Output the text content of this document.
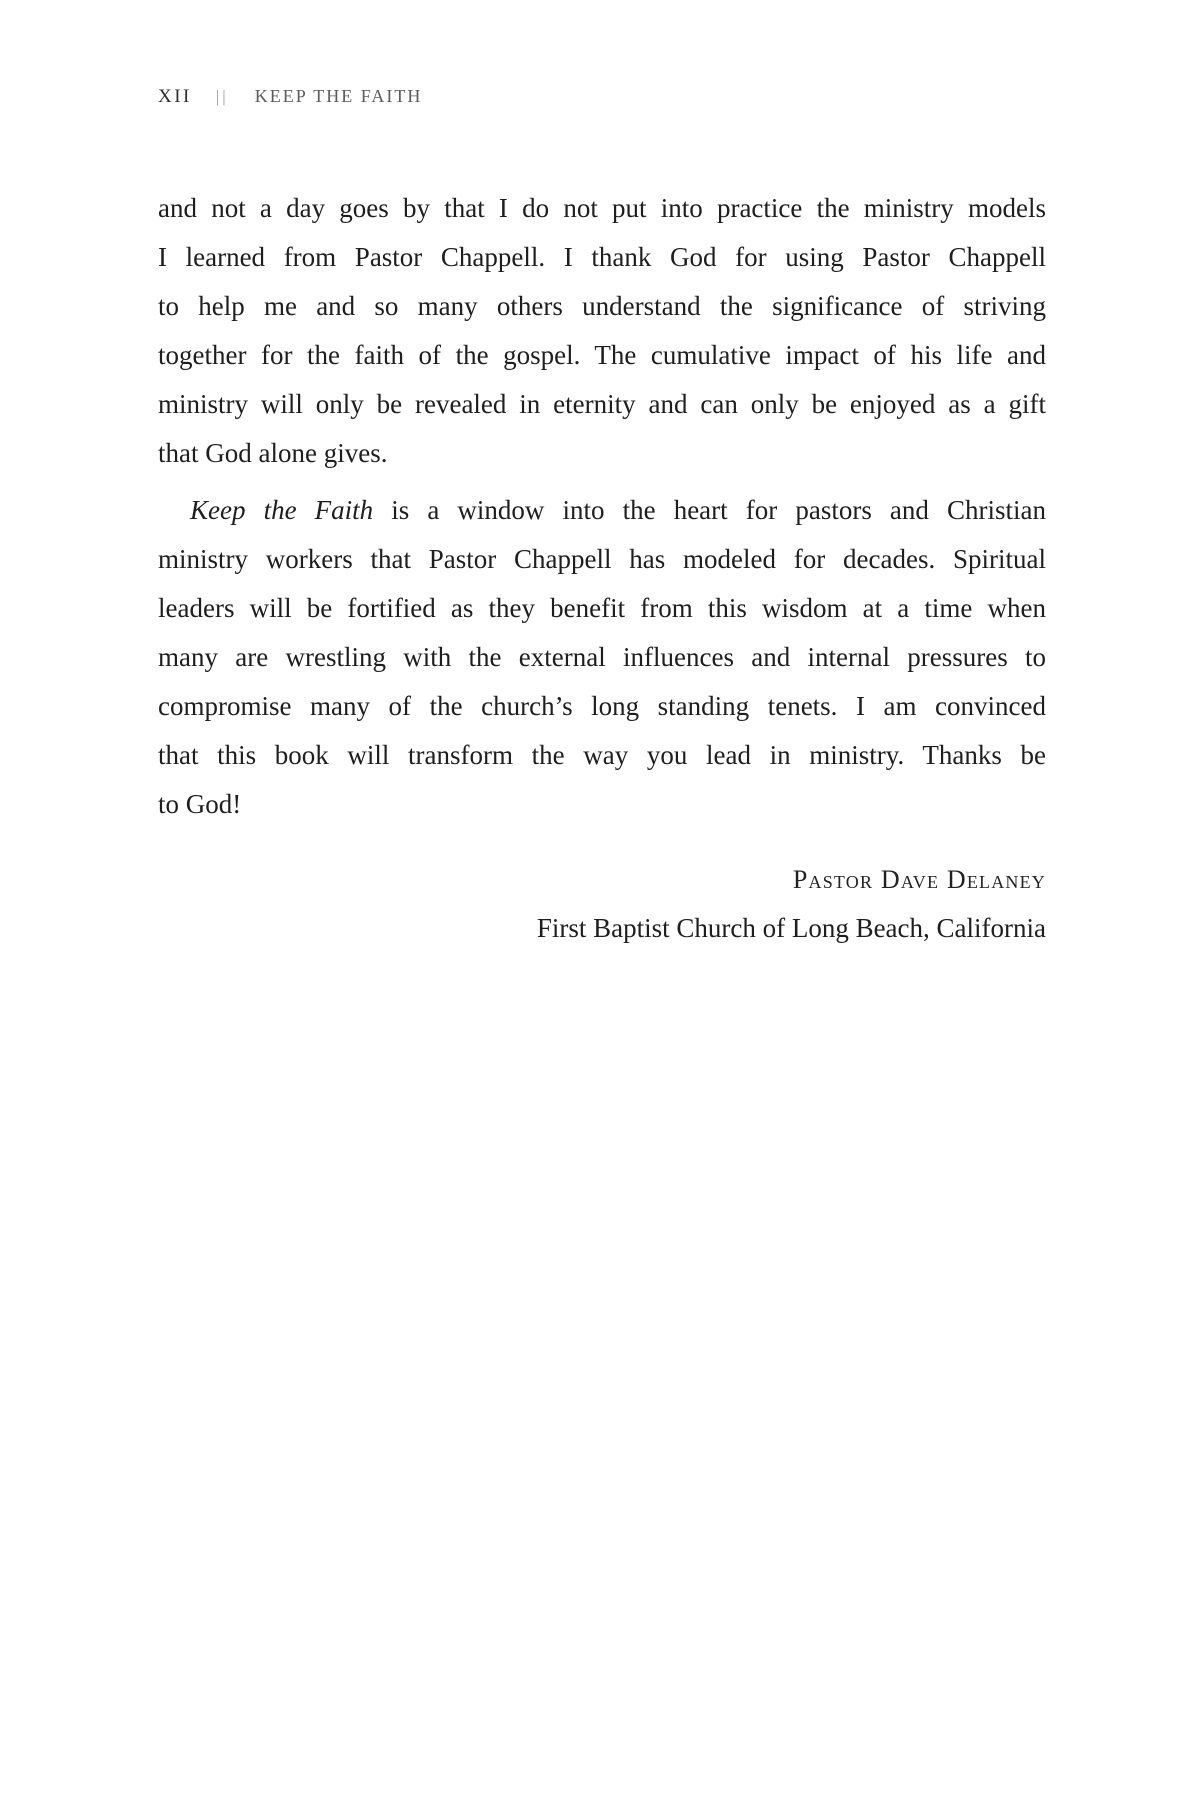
XII || KEEP THE FAITH
and not a day goes by that I do not put into practice the ministry models
I learned from Pastor Chappell. I thank God for using Pastor Chappell
to help me and so many others understand the significance of striving
together for the faith of the gospel. The cumulative impact of his life and
ministry will only be revealed in eternity and can only be enjoyed as a gift
that God alone gives.
Keep the Faith is a window into the heart for pastors and Christian
ministry workers that Pastor Chappell has modeled for decades. Spiritual
leaders will be fortified as they benefit from this wisdom at a time when
many are wrestling with the external influences and internal pressures to
compromise many of the church’s long standing tenets. I am convinced
that this book will transform the way you lead in ministry. Thanks be
to God!
Pastor Dave Delaney
First Baptist Church of Long Beach, California
